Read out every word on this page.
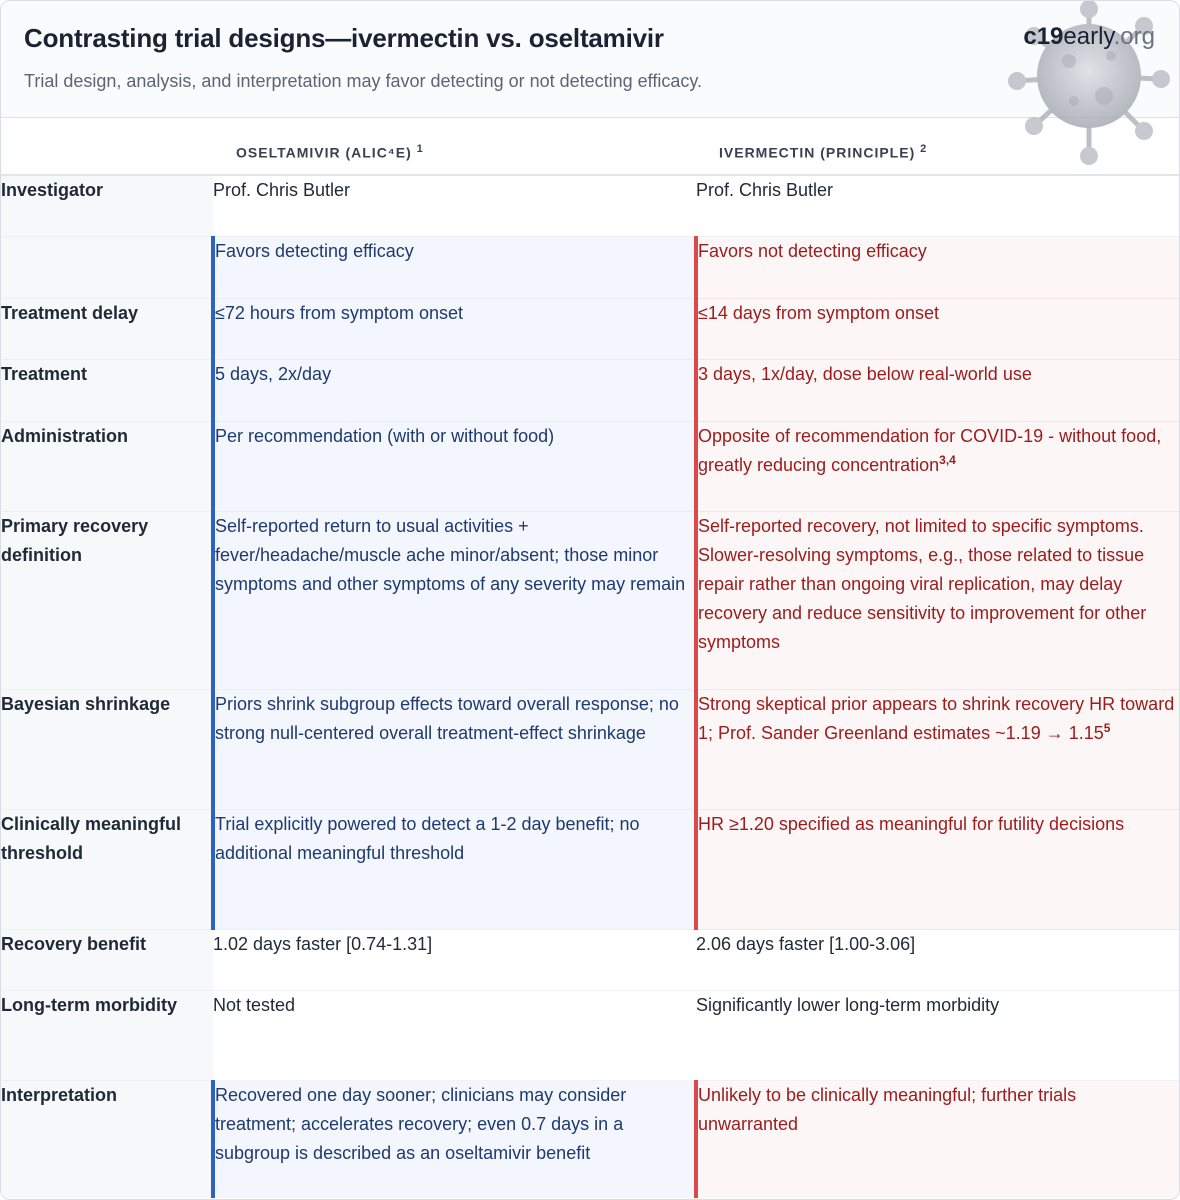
Contrasting trial designs—ivermectin vs. oseltamivir

Trial design, analysis, and interpretation may favor detecting or not detecting efficacy.

c19early.org
	OSELTAMIVIR (ALIC⁴E) $^1$	IVERMECTIN (PRINCIPLE) $^2$
Investigator	Prof. Chris Butler	Prof. Chris Butler
	Favors detecting efficacy	Favors not detecting efficacy
Treatment delay	≤72 hours from symptom onset	≤14 days from symptom onset
Treatment	5 days, 2x/day	3 days, 1x/day, dose below real-world use
Administration	Per recommendation (with or without food)	Opposite of recommendation for COVID-19 - without food, greatly reducing concentration$^{3,4}$
Primary recovery definition	Self-reported return to usual activities + fever/headache/muscle ache minor/absent; those minor symptoms and other symptoms of any severity may remain	Self-reported recovery, not limited to specific symptoms. Slower-resolving symptoms, e.g., those related to tissue repair rather than ongoing viral replication, may delay recovery and reduce sensitivity to improvement for other symptoms
Bayesian shrinkage	Priors shrink subgroup effects toward overall response; no strong null-centered overall treatment-effect shrinkage	Strong skeptical prior appears to shrink recovery HR toward 1; Prof. Sander Greenland estimates ~1.19 → $1.15^5$
Clinically meaningful threshold	Trial explicitly powered to detect a 1-2 day benefit; no additional meaningful threshold	HR ≥1.20 specified as meaningful for futility decisions
Recovery benefit	1.02 days faster [0.74-1.31]	2.06 days faster [1.00-3.06]
Long-term morbidity	Not tested	Significantly lower long-term morbidity
Interpretation	Recovered one day sooner; clinicians may consider treatment; accelerates recovery; even 0.7 days in a subgroup is described as an oseltamivir benefit	Unlikely to be clinically meaningful; further trials unwarranted
